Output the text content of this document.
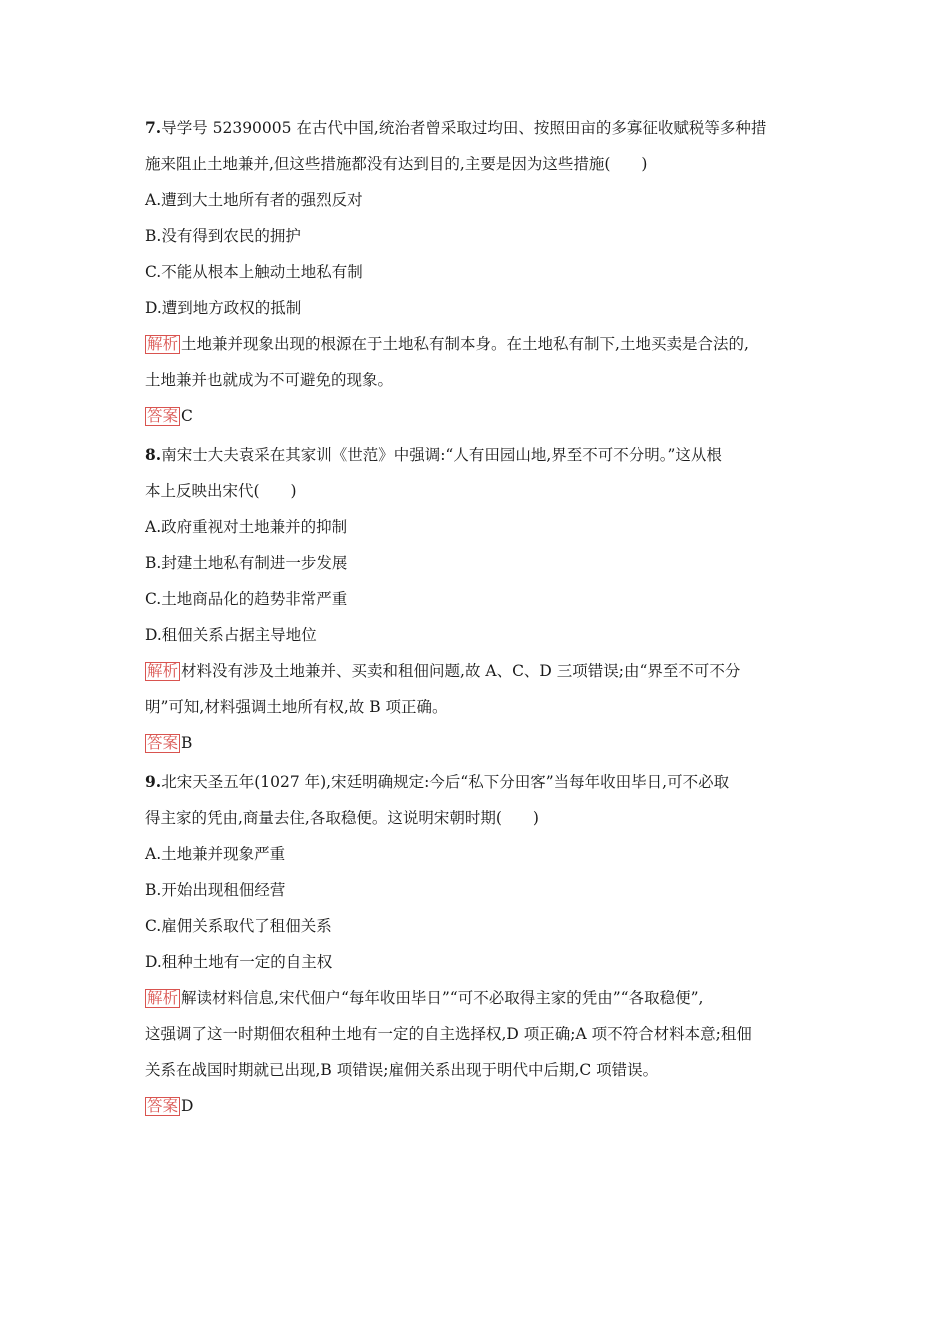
7.导学号 52390005 在古代中国,统治者曾采取过均田、按照田亩的多寡征收赋税等多种措
施来阻止土地兼并,但这些措施都没有达到目的,主要是因为这些措施(　　)
A.遭到大土地所有者的强烈反对
B.没有得到农民的拥护
C.不能从根本上触动土地私有制
D.遭到地方政权的抵制
解析 土地兼并现象出现的根源在于土地私有制本身。在土地私有制下,土地买卖是合法的,
土地兼并也就成为不可避免的现象。
答案 C
8.南宋士大夫袁采在其家训《世范》中强调:“人有田园山地,界至不可不分明。”这从根
本上反映出宋代(　　)
A.政府重视对土地兼并的抑制
B.封建土地私有制进一步发展
C.土地商品化的趋势非常严重
D.租佃关系占据主导地位
解析 材料没有涉及土地兼并、买卖和租佃问题,故 A、C、D 三项错误;由“界至不可不分
明”可知,材料强调土地所有权,故 B 项正确。
答案 B
9.北宋天圣五年(1027 年),宋廷明确规定:今后“私下分田客”当每年收田毕日,可不必取
得主家的凭由,商量去住,各取稳便。这说明宋朝时期(　　)
A.土地兼并现象严重
B.开始出现租佃经营
C.雇佣关系取代了租佃关系
D.租种土地有一定的自主权
解析 解读材料信息,宋代佃户“每年收田毕日”“可不必取得主家的凭由”“各取稳便”,
这强调了这一时期佃农租种土地有一定的自主选择权,D 项正确;A 项不符合材料本意;租佃
关系在战国时期就已出现,B 项错误;雇佣关系出现于明代中后期,C 项错误。
答案 D
